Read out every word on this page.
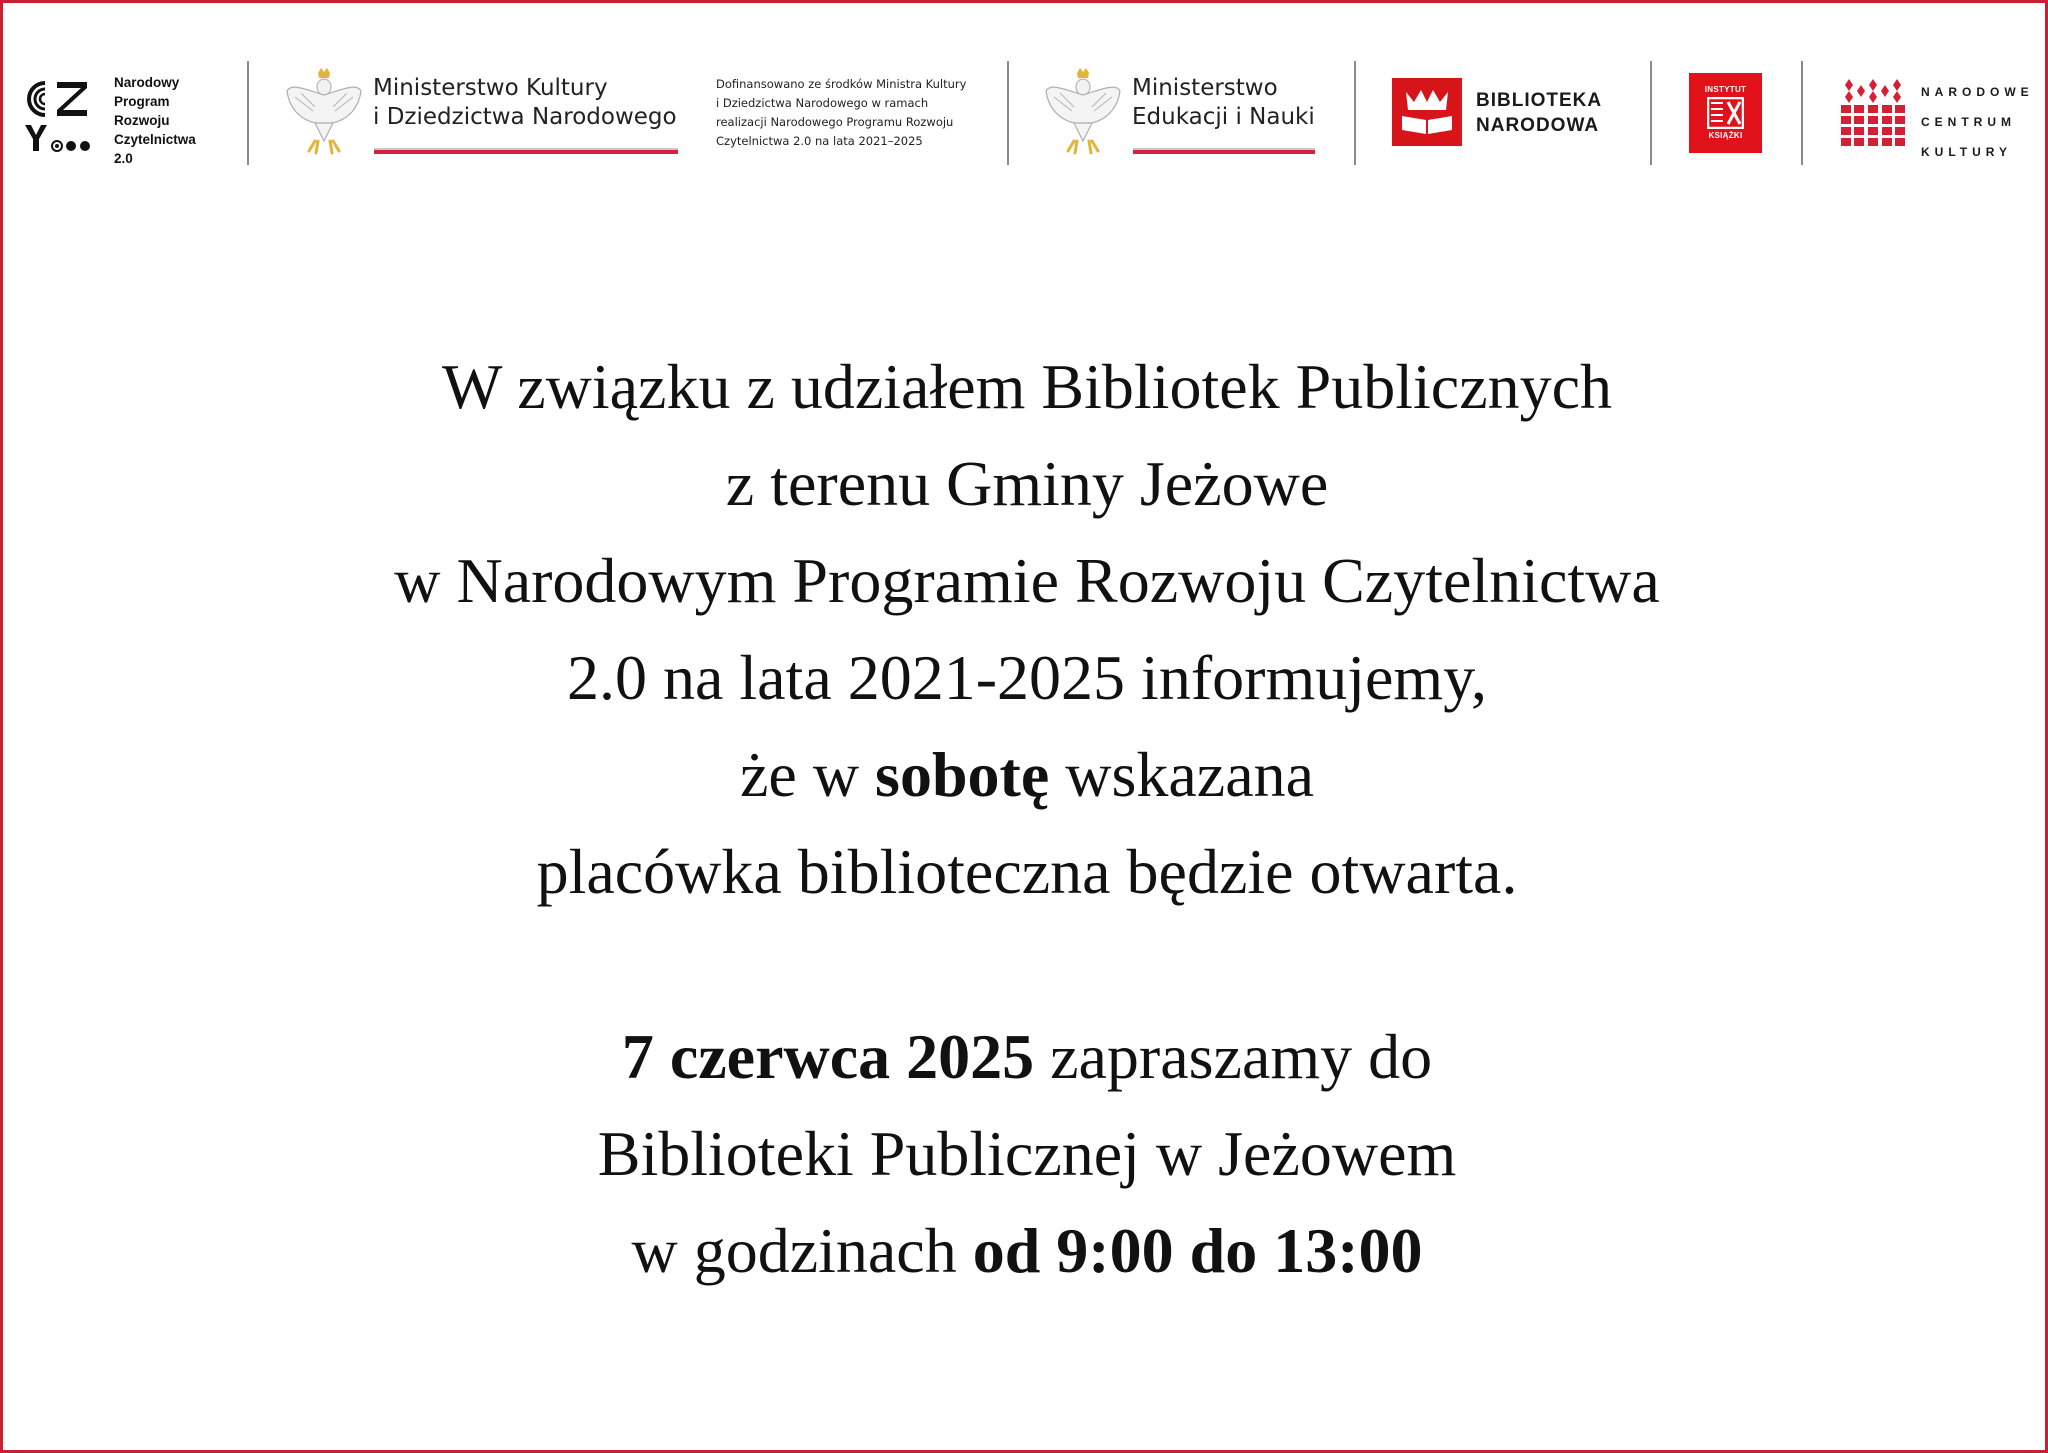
Narodowy
Program
Rozwoju
Czytelnictwa
2.0
Ministerstwo Kultury
i Dziedzictwa Narodowego
Dofinansowano ze środków Ministra Kultury
i Dziedzictwa Narodowego w ramach
realizacji Narodowego Programu Rozwoju
Czytelnictwa 2.0 na lata 2021–2025
Ministerstwo
Edukacji i Nauki
BIBLIOTEKA
NARODOWA
INSTYTUT
KSIĄŻKI
NARODOWE
CENTRUM
KULTURY
W związku z udziałem Bibliotek Publicznych
z terenu Gminy Jeżowe
w Narodowym Programie Rozwoju Czytelnictwa
2.0 na lata 2021-2025 informujemy,
że w sobotę wskazana
placówka biblioteczna będzie otwarta.
7 czerwca 2025 zapraszamy do
Biblioteki Publicznej w Jeżowem
w godzinach od 9:00 do 13:00
